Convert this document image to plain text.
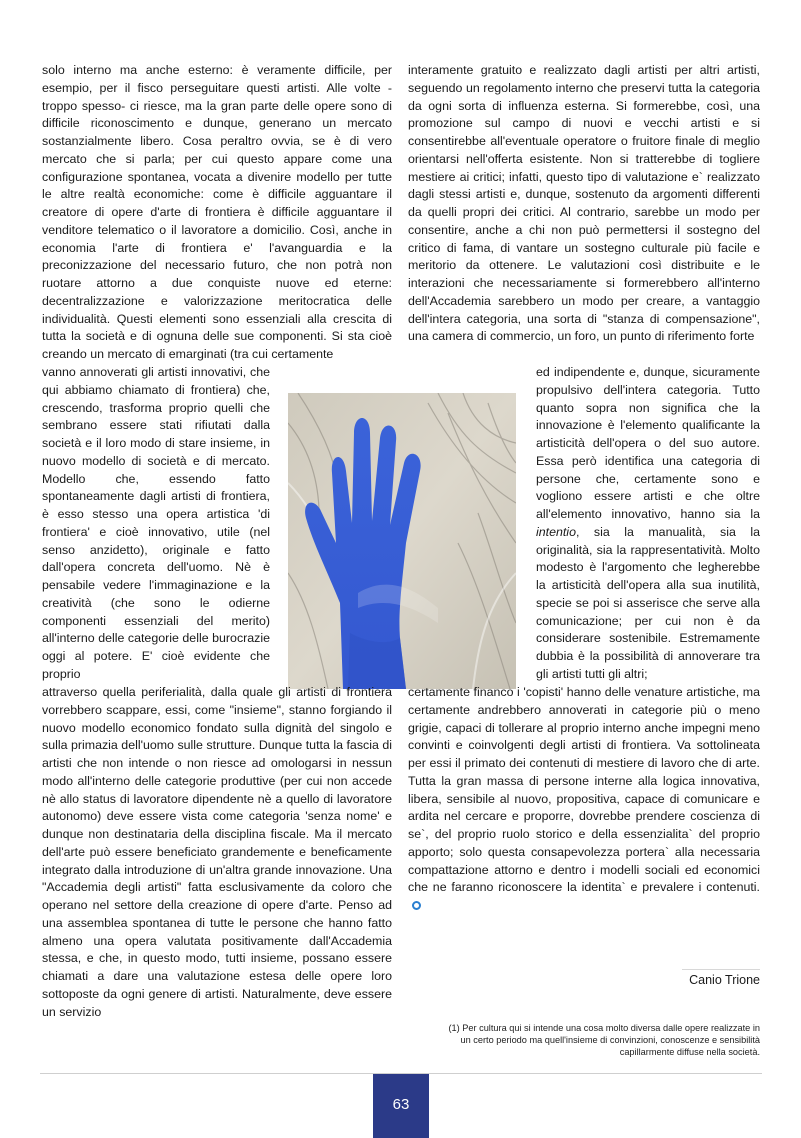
solo interno ma anche esterno: è veramente difficile, per esempio, per il fisco perseguitare questi artisti. Alle volte - troppo spesso- ci riesce, ma la gran parte delle opere sono di difficile riconoscimento e dunque, generano un mercato sostanzialmente libero. Cosa peraltro ovvia, se è di vero mercato che si parla; per cui questo appare come una configurazione spontanea, vocata a divenire modello per tutte le altre realtà economiche: come è difficile agguantare il creatore di opere d'arte di frontiera è difficile agguantare il venditore telematico o il lavoratore a domicilio. Così, anche in economia l'arte di frontiera e' l'avanguardia e la preconizzazione del necessario futuro, che non potrà non ruotare attorno a due conquiste nuove ed eterne: decentralizzazione e valorizzazione meritocratica delle individualità. Questi elementi sono essenziali alla crescita di tutta la società e di ognuna delle sue componenti. Si sta cioè creando un mercato di emarginati (tra cui certamente

vanno annoverati gli artisti innovativi, che qui abbiamo chiamato di frontiera) che, crescendo, trasforma proprio quelli che sembrano essere stati rifiutati dalla società e il loro modo di stare insieme, in nuovo modello di società e di mercato. Modello che, essendo fatto spontaneamente dagli artisti di frontiera, è esso stesso una opera artistica 'di frontiera' e cioè innovativo, utile (nel senso anzidetto), originale e fatto dall'opera concreta dell'uomo. Nè è pensabile vedere l'immaginazione e la creatività (che sono le odierne componenti essenziali del merito) all'interno delle categorie delle burocrazie oggi al potere. E' cioè evidente che proprio

attraverso quella periferialità, dalla quale gli artisti di frontiera vorrebbero scappare, essi, come "insieme", stanno forgiando il nuovo modello economico fondato sulla dignità del singolo e sulla primazia dell'uomo sulle strutture. Dunque tutta la fascia di artisti che non intende o non riesce ad omologarsi in nessun modo all'interno delle categorie produttive (per cui non accede nè allo status di lavoratore dipendente nè a quello di lavoratore autonomo) deve essere vista come categoria 'senza nome' e dunque non destinataria della disciplina fiscale. Ma il mercato dell'arte può essere beneficiato grandemente e beneficamente integrato dalla introduzione di un'altra grande innovazione. Una "Accademia degli artisti" fatta esclusivamente da coloro che operano nel settore della creazione di opere d'arte. Penso ad una assemblea spontanea di tutte le persone che hanno fatto almeno una opera valutata positivamente dall'Accademia stessa, e che, in questo modo, tutti insieme, possano essere chiamati a dare una valutazione estesa delle opere loro sottoposte da ogni genere di artisti. Naturalmente, deve essere un servizio

interamente gratuito e realizzato dagli artisti per altri artisti, seguendo un regolamento interno che preservi tutta la categoria da ogni sorta di influenza esterna. Si formerebbe, così, una promozione sul campo di nuovi e vecchi artisti e si consentirebbe all'eventuale operatore o fruitore finale di meglio orientarsi nell'offerta esistente. Non si tratterebbe di togliere mestiere ai critici; infatti, questo tipo di valutazione e` realizzato dagli stessi artisti e, dunque, sostenuto da argomenti differenti da quelli propri dei critici. Al contrario, sarebbe un modo per consentire, anche a chi non può permettersi il sostegno del critico di fama, di vantare un sostegno culturale più facile e meritorio da ottenere. Le valutazioni così distribuite e le interazioni che necessariamente si formerebbero all'interno dell'Accademia sarebbero un modo per creare, a vantaggio dell'intera categoria, una sorta di "stanza di compensazione", una camera di commercio, un foro, un punto di riferimento forte

ed indipendente e, dunque, sicuramente propulsivo dell'intera categoria. Tutto quanto sopra non significa che la innovazione è l'elemento qualificante la artisticità dell'opera o del suo autore. Essa però identifica una categoria di persone che, certamente sono e vogliono essere artisti e che oltre all'elemento innovativo, hanno sia la intentio, sia la manualità, sia la originalità, sia la rappresentatività. Molto modesto è l'argomento che legherebbe la artisticità dell'opera alla sua inutilità, specie se poi si asserisce che serve alla comunicazione; per cui non è da considerare sostenibile. Estremamente dubbia è la possibilità di annoverare tra gli artisti tutti gli altri;

certamente financo i 'copisti' hanno delle venature artistiche, ma certamente andrebbero annoverati in categorie più o meno grigie, capaci di tollerare al proprio interno anche impegni meno convinti e coinvolgenti degli artisti di frontiera. Va sottolineata per essi il primato dei contenuti di mestiere di lavoro che di arte. Tutta la gran massa di persone interne alla logica innovativa, libera, sensibile al nuovo, propositiva, capace di comunicare e ardita nel cercare e proporre, dovrebbe prendere coscienza di se`, del proprio ruolo storico e della essenzialita` del proprio apporto; solo questa consapevolezza portera` alla necessaria compattazione attorno e dentro i modelli sociali ed economici che ne faranno riconoscere la identita` e prevalere i contenuti.

Canio Trione
(1) Per cultura qui si intende una cosa molto diversa dalle opere realizzate in un certo periodo ma quell'insieme di convinzioni, conoscenze e sensibilità capillarmente diffuse nella società.
63
